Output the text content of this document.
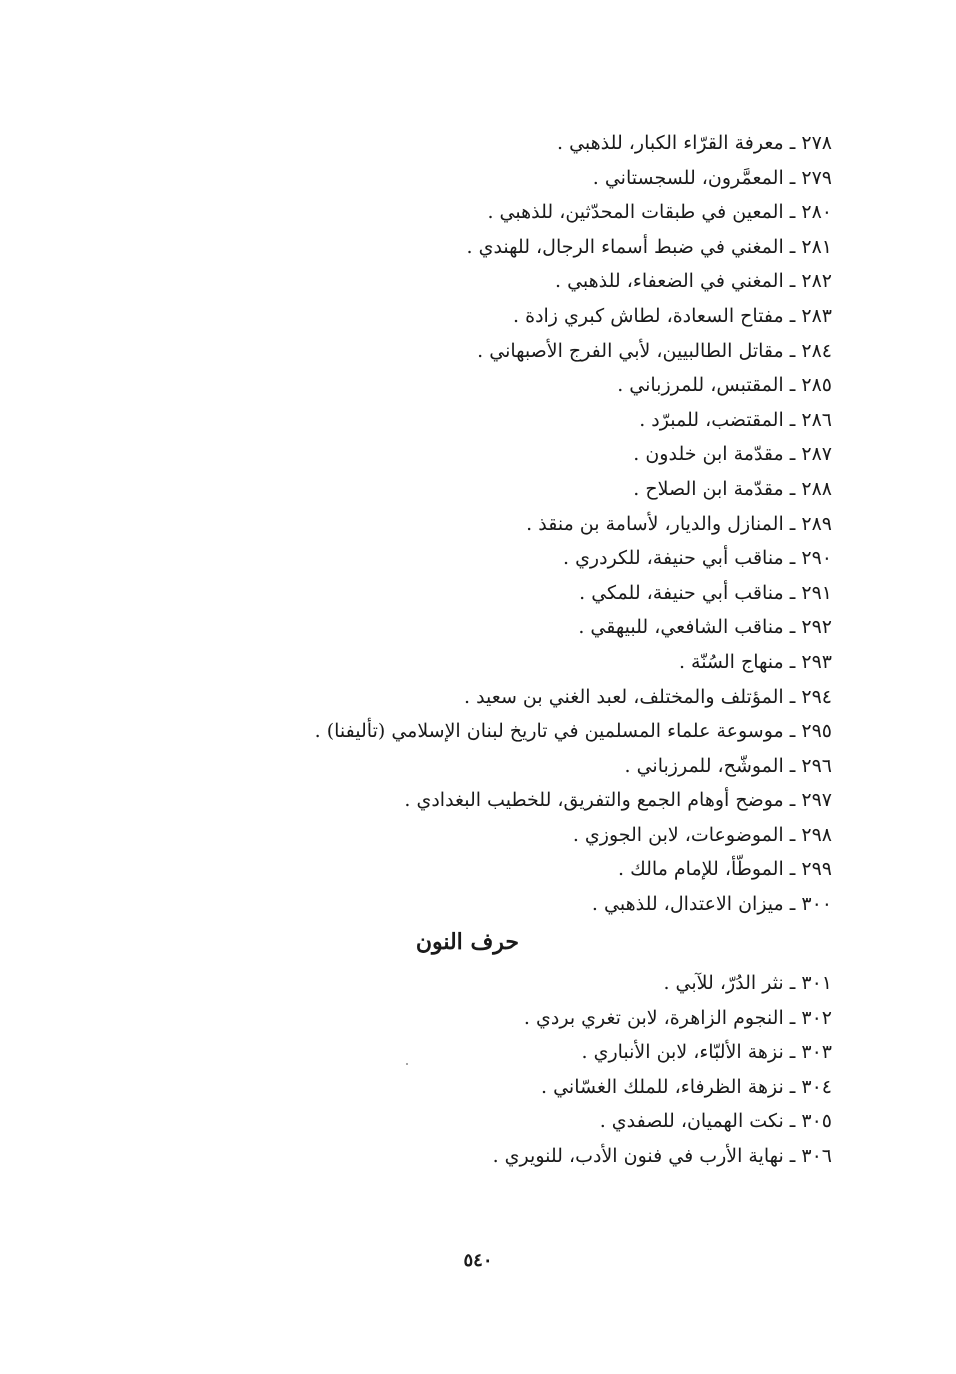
٢٧٨ ـ معرفة القرّاء الكبار، للذهبي .
٢٧٩ ـ المعمَّرون، للسجستاني .
٢٨٠ ـ المعين في طبقات المحدّثين، للذهبي .
٢٨١ ـ المغني في ضبط أسماء الرجال، للهندي .
٢٨٢ ـ المغني في الضعفاء، للذهبي .
٢٨٣ ـ مفتاح السعادة، لطاش كبري زادة .
٢٨٤ ـ مقاتل الطالبيين، لأبي الفرج الأصبهاني .
٢٨٥ ـ المقتبس، للمرزباني .
٢٨٦ ـ المقتضب، للمبرّد .
٢٨٧ ـ مقدّمة ابن خلدون .
٢٨٨ ـ مقدّمة ابن الصلاح .
٢٨٩ ـ المنازل والديار، لأسامة بن منقذ .
٢٩٠ ـ مناقب أبي حنيفة، للكردري .
٢٩١ ـ مناقب أبي حنيفة، للمكي .
٢٩٢ ـ مناقب الشافعي، للبيهقي .
٢٩٣ ـ منهاج السُنّة .
٢٩٤ ـ المؤتلف والمختلف، لعبد الغني بن سعيد .
٢٩٥ ـ موسوعة علماء المسلمين في تاريخ لبنان الإسلامي (تأليفنا) .
٢٩٦ ـ الموشّح، للمرزباني .
٢٩٧ ـ موضح أوهام الجمع والتفريق، للخطيب البغدادي .
٢٩٨ ـ الموضوعات، لابن الجوزي .
٢٩٩ ـ الموطّأ، للإمام مالك .
٣٠٠ ـ ميزان الاعتدال، للذهبي .
حرف النون
٣٠١ ـ نثر الدُرّ، للآبي .
٣٠٢ ـ النجوم الزاهرة، لابن تغري بردي .
٣٠٣ ـ نزهة الألبّاء، لابن الأنباري .
٣٠٤ ـ نزهة الظرفاء، للملك الغسّاني .
٣٠٥ ـ نكت الهميان، للصفدي .
٣٠٦ ـ نهاية الأرب في فنون الأدب، للنويري .
٥٤٠
